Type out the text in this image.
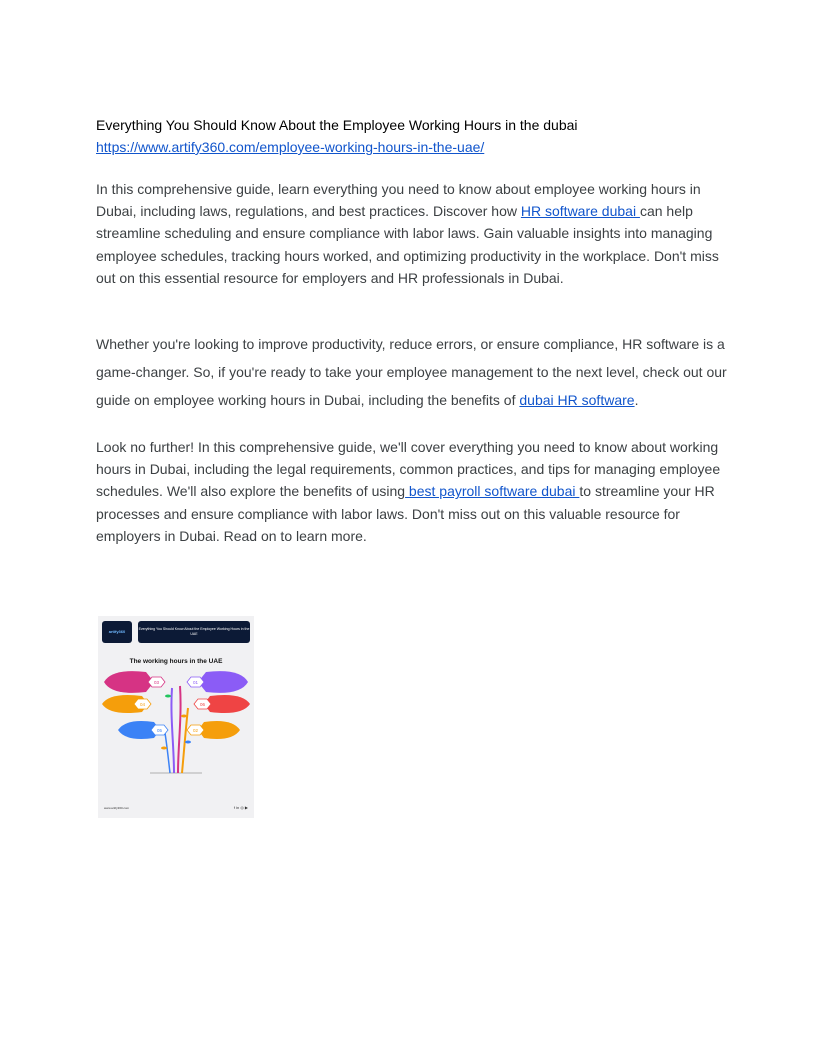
Everything You Should Know About the Employee Working Hours in the dubai
https://www.artify360.com/employee-working-hours-in-the-uae/

In this comprehensive guide, learn everything you need to know about employee working hours in Dubai, including laws, regulations, and best practices. Discover how HR software dubai can help streamline scheduling and ensure compliance with labor laws. Gain valuable insights into managing employee schedules, tracking hours worked, and optimizing productivity in the workplace. Don't miss out on this essential resource for employers and HR professionals in Dubai.

Whether you're looking to improve productivity, reduce errors, or ensure compliance, HR software is a game-changer. So, if you're ready to take your employee management to the next level, check out our guide on employee working hours in Dubai, including the benefits of dubai HR software.

Look no further! In this comprehensive guide, we'll cover everything you need to know about working hours in Dubai, including the legal requirements, common practices, and tips for managing employee schedules. We'll also explore the benefits of using best payroll software dubai to streamline your HR processes and ensure compliance with labor laws. Don't miss out on this valuable resource for employers in Dubai. Read on to learn more.

artify360	Everything You Should Know About the Employee Working Hours in the UAE
The working hours in the UAE
03	01
04	06
05	02
www.artify360.com	f in ◎ ▶
